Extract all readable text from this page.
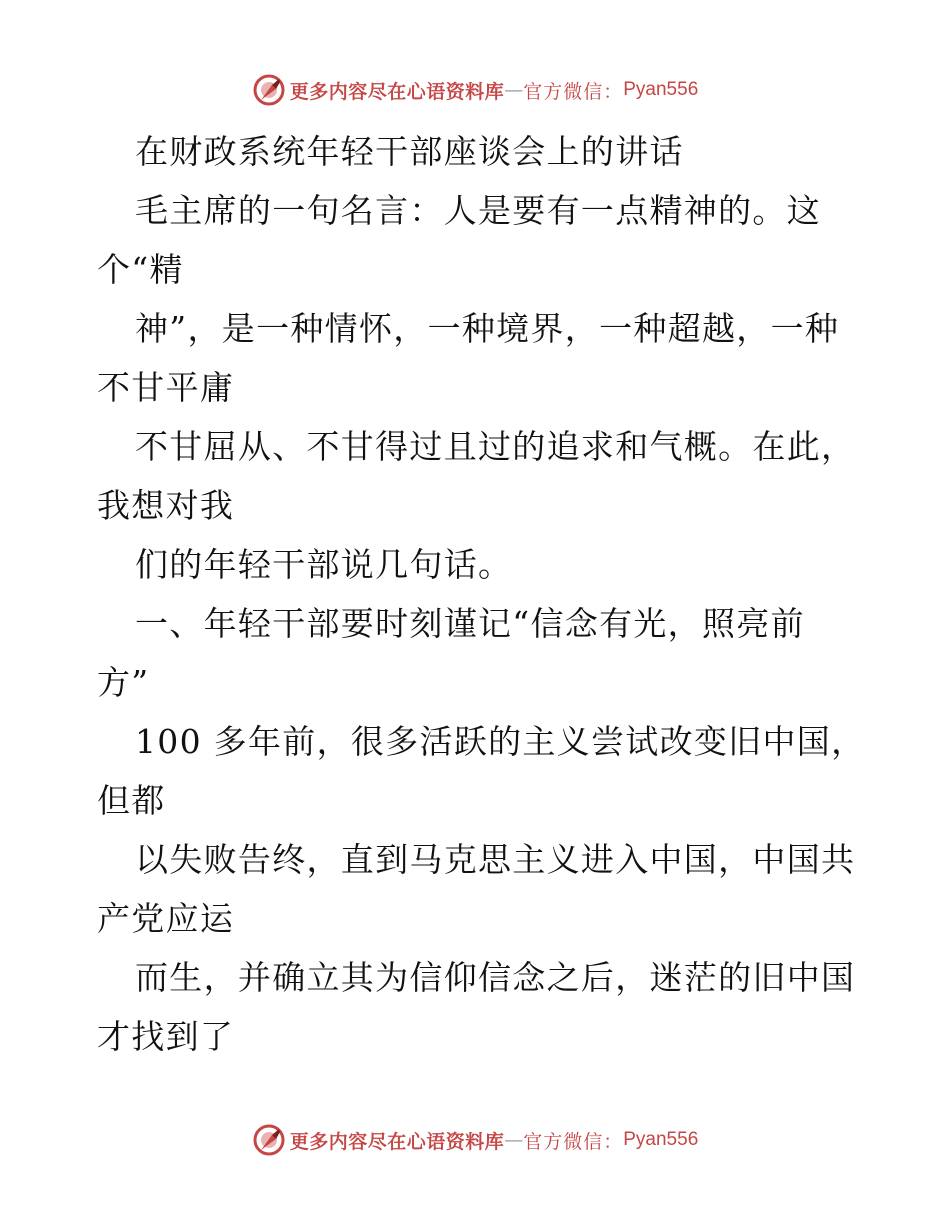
更多内容尽在心语资料库 — 官方微信： Pyan556
在财政系统年轻干部座谈会上的讲话
毛主席的一句名言：人是要有一点精神的。这
个“精
神”，是一种情怀，一种境界，一种超越，一种
不甘平庸
不甘屈从、不甘得过且过的追求和气概。在此，
我想对我
们的年轻干部说几句话。
一、年轻干部要时刻谨记“信念有光，照亮前
方”
100 多年前，很多活跃的主义尝试改变旧中国，
但都
以失败告终，直到马克思主义进入中国，中国共
产党应运
而生，并确立其为信仰信念之后，迷茫的旧中国
才找到了
更多内容尽在心语资料库 — 官方微信： Pyan556
